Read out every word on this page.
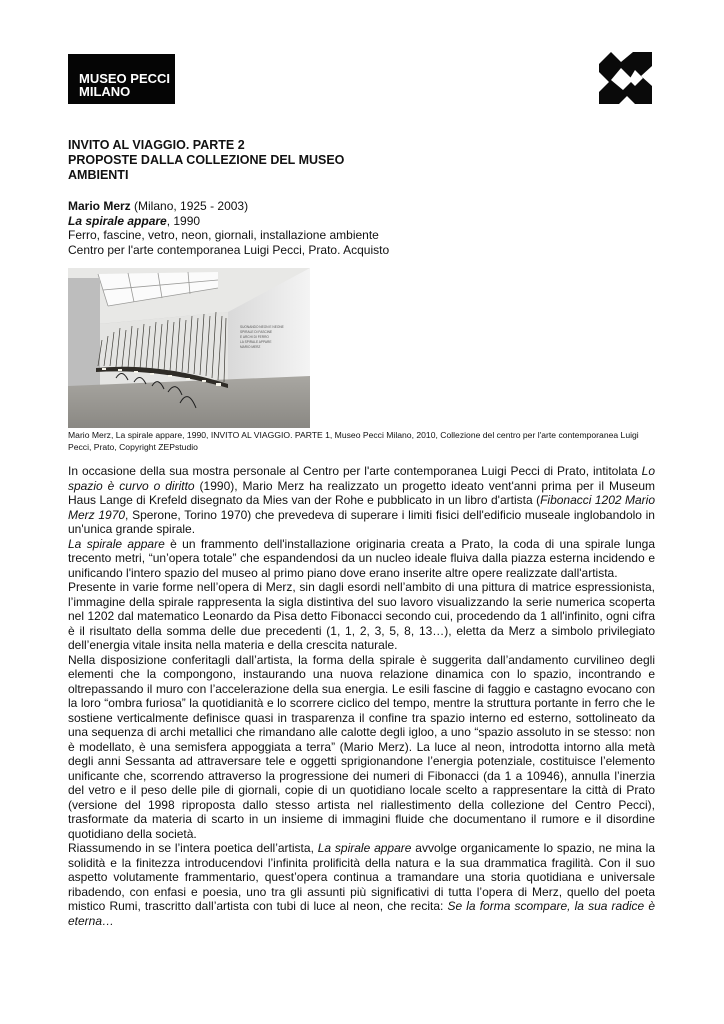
MUSEO PECCI
MILANO
INVITO AL VIAGGIO. PARTE 2
PROPOSTE DALLA COLLEZIONE DEL MUSEO
AMBIENTI
Mario Merz (Milano, 1925 - 2003)
La spirale appare, 1990
Ferro, fascine, vetro, neon, giornali, installazione ambiente
Centro per l'arte contemporanea Luigi Pecci, Prato. Acquisto
SUONANDO NEON E NEONE
SPIRALE DI FASCINE
E ARCHI DI FERRO
LA SPIRALE APPARE
MARIO MERZ
Mario Merz, La spirale appare, 1990, INVITO AL VIAGGIO. PARTE 1, Museo Pecci Milano, 2010, Collezione del centro per l'arte contemporanea Luigi Pecci, Prato, Copyright ZEPstudio

In occasione della sua mostra personale al Centro per l'arte contemporanea Luigi Pecci di Prato, intitolata Lo spazio è curvo o diritto (1990), Mario Merz ha realizzato un progetto ideato vent'anni prima per il Museum Haus Lange di Krefeld disegnato da Mies van der Rohe e pubblicato in un libro d'artista (Fibonacci 1202 Mario Merz 1970, Sperone, Torino 1970) che prevedeva di superare i limiti fisici dell'edificio museale inglobandolo in un'unica grande spirale.

La spirale appare è un frammento dell'installazione originaria creata a Prato, la coda di una spirale lunga trecento metri, “un’opera totale” che espandendosi da un nucleo ideale fluiva dalla piazza esterna incidendo e unificando l'intero spazio del museo al primo piano dove erano inserite altre opere realizzate dall'artista.

Presente in varie forme nell’opera di Merz, sin dagli esordi nell’ambito di una pittura di matrice espressionista, l’immagine della spirale rappresenta la sigla distintiva del suo lavoro visualizzando la serie numerica scoperta nel 1202 dal matematico Leonardo da Pisa detto Fibonacci secondo cui, procedendo da 1 all'infinito, ogni cifra è il risultato della somma delle due precedenti (1, 1, 2, 3, 5, 8, 13…), eletta da Merz a simbolo privilegiato dell’energia vitale insita nella materia e della crescita naturale.

Nella disposizione conferitagli dall’artista, la forma della spirale è suggerita dall’andamento curvilineo degli elementi che la compongono, instaurando una nuova relazione dinamica con lo spazio, incontrando e oltrepassando il muro con l’accelerazione della sua energia. Le esili fascine di faggio e castagno evocano con la loro “ombra furiosa” la quotidianità e lo scorrere ciclico del tempo, mentre la struttura portante in ferro che le sostiene verticalmente definisce quasi in trasparenza il confine tra spazio interno ed esterno, sottolineato da una sequenza di archi metallici che rimandano alle calotte degli igloo, a uno “spazio assoluto in se stesso: non è modellato, è una semisfera appoggiata a terra” (Mario Merz). La luce al neon, introdotta intorno alla metà degli anni Sessanta ad attraversare tele e oggetti sprigionandone l’energia potenziale, costituisce l’elemento unificante che, scorrendo attraverso la progressione dei numeri di Fibonacci (da 1 a 10946), annulla l’inerzia del vetro e il peso delle pile di giornali, copie di un quotidiano locale scelto a rappresentare la città di Prato (versione del 1998 riproposta dallo stesso artista nel riallestimento della collezione del Centro Pecci), trasformate da materia di scarto in un insieme di immagini fluide che documentano il rumore e il disordine quotidiano della società.

Riassumendo in se l’intera poetica dell’artista, La spirale appare avvolge organicamente lo spazio, ne mina la solidità e la finitezza introducendovi l’infinita prolificità della natura e la sua drammatica fragilità. Con il suo aspetto volutamente frammentario, quest’opera continua a tramandare una storia quotidiana e universale ribadendo, con enfasi e poesia, uno tra gli assunti più significativi di tutta l’opera di Merz, quello del poeta mistico Rumi, trascritto dall’artista con tubi di luce al neon, che recita: Se la forma scompare, la sua radice è eterna…
